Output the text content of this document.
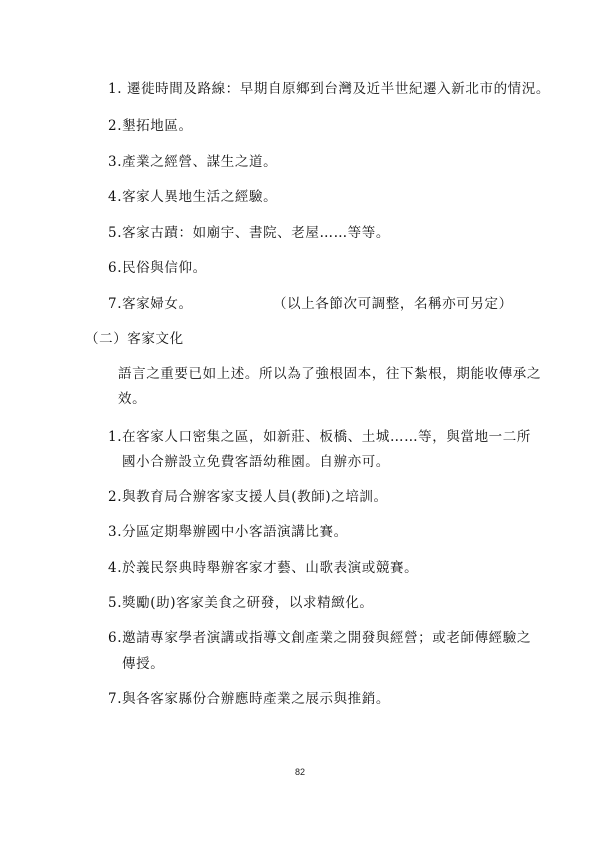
1. 遷徙時間及路線：早期自原鄉到台灣及近半世紀遷入新北市的情況。
2.墾拓地區。
3.產業之經營、謀生之道。
4.客家人異地生活之經驗。
5.客家古蹟：如廟宇、書院、老屋……等等。
6.民俗與信仰。
7.客家婦女。	（以上各節次可調整，名稱亦可另定）
（二）客家文化
語言之重要已如上述。所以為了強根固本，往下紮根，期能收傳承之
效。
1.在客家人口密集之區，如新莊、板橋、土城……等，與當地一二所
國小合辦設立免費客語幼稚園。自辦亦可。
2.與教育局合辦客家支援人員(教師)之培訓。
3.分區定期舉辦國中小客語演講比賽。
4.於義民祭典時舉辦客家才藝、山歌表演或競賽。
5.獎勵(助)客家美食之研發，以求精緻化。
6.邀請專家學者演講或指導文創產業之開發與經營；或老師傳經驗之
傳授。
7.與各客家縣份合辦應時產業之展示與推銷。
82
